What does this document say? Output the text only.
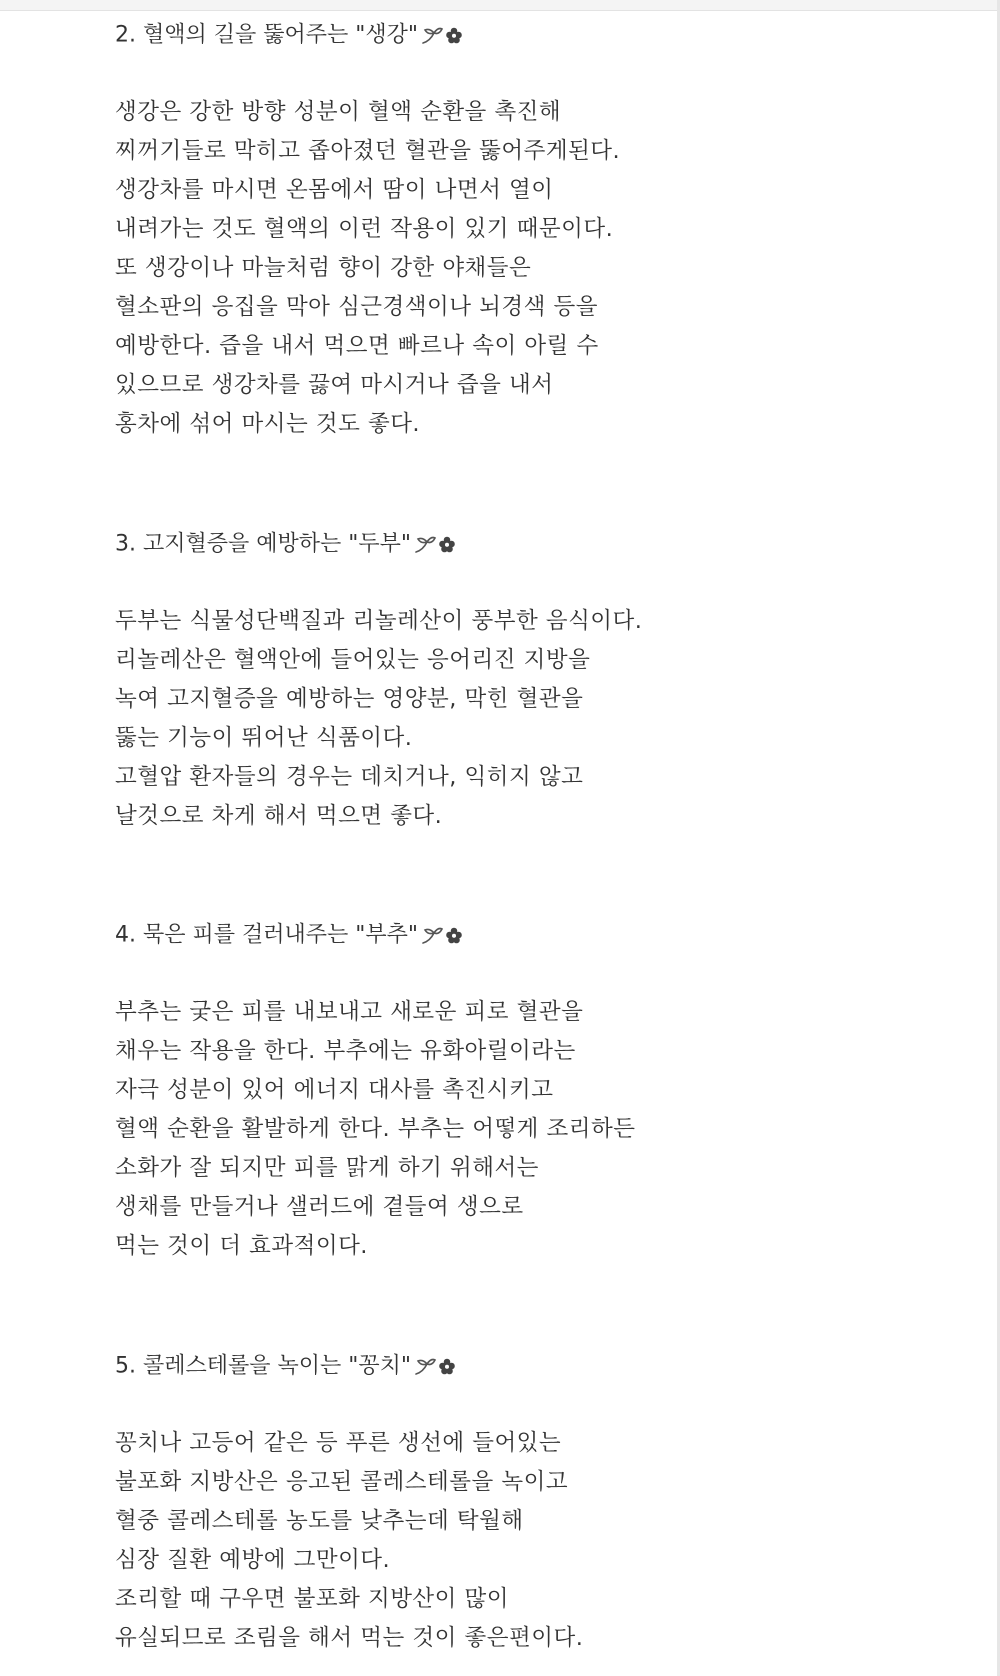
2. 혈액의 길을 뚫어주는 "생강"
생강은 강한 방향 성분이 혈액 순환을 촉진해
찌꺼기들로 막히고 좁아졌던 혈관을 뚫어주게된다.
생강차를 마시면 온몸에서 땀이 나면서 열이
내려가는 것도 혈액의 이런 작용이 있기 때문이다.
또 생강이나 마늘처럼 향이 강한 야채들은
혈소판의 응집을 막아 심근경색이나 뇌경색 등을
예방한다. 즙을 내서 먹으면 빠르나 속이 아릴 수
있으므로 생강차를 끓여 마시거나 즙을 내서
홍차에 섞어 마시는 것도 좋다.
3. 고지혈증을 예방하는 "두부"
두부는 식물성단백질과 리놀레산이 풍부한 음식이다.
리놀레산은 혈액안에 들어있는 응어리진 지방을
녹여 고지혈증을 예방하는 영양분, 막힌 혈관을
뚫는 기능이 뛰어난 식품이다.
고혈압 환자들의 경우는 데치거나, 익히지 않고
날것으로 차게 해서 먹으면 좋다.
4. 묵은 피를 걸러내주는 "부추"
부추는 궂은 피를 내보내고 새로운 피로 혈관을
채우는 작용을 한다. 부추에는 유화아릴이라는
자극 성분이 있어 에너지 대사를 촉진시키고
혈액 순환을 활발하게 한다. 부추는 어떻게 조리하든
소화가 잘 되지만 피를 맑게 하기 위해서는
생채를 만들거나 샐러드에 곁들여 생으로
먹는 것이 더 효과적이다.
5. 콜레스테롤을 녹이는 "꽁치"
꽁치나 고등어 같은 등 푸른 생선에 들어있는
불포화 지방산은 응고된 콜레스테롤을 녹이고
혈중 콜레스테롤 농도를 낮추는데 탁월해
심장 질환 예방에 그만이다.
조리할 때 구우면 불포화 지방산이 많이
유실되므로 조림을 해서 먹는 것이 좋은편이다.
